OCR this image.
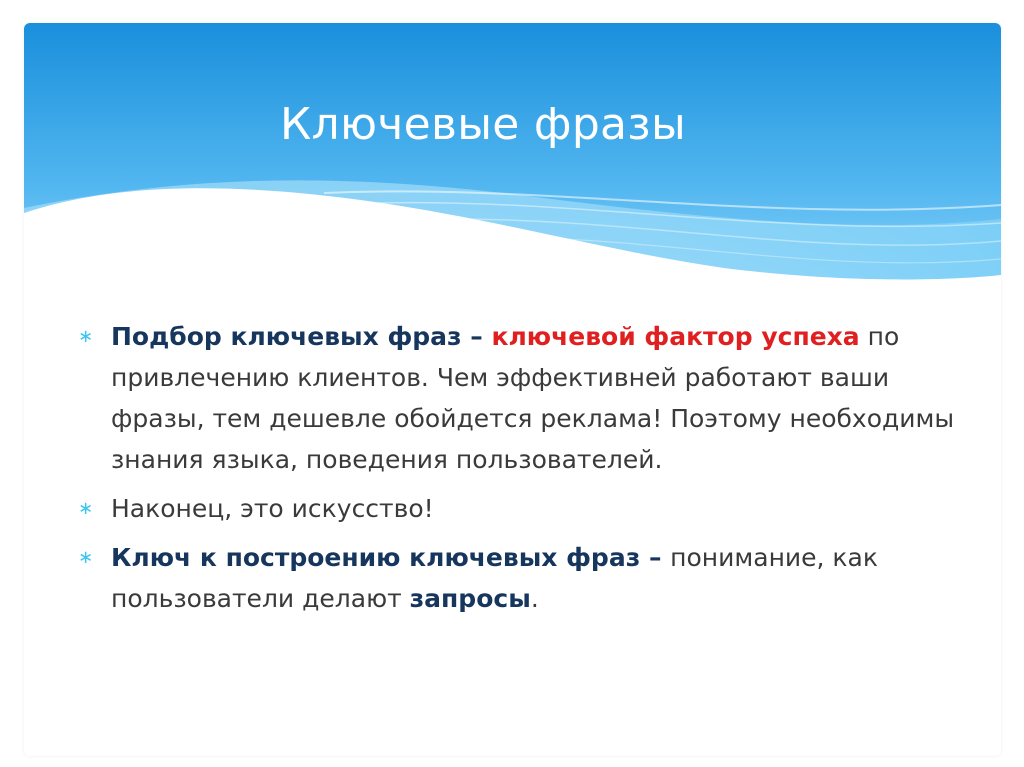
Ключевые фразы
∗ Подбор ключевых фраз – ключевой фактор успеха по привлечению клиентов. Чем эффективней работают ваши фразы, тем дешевле обойдется реклама! Поэтому необходимы знания языка, поведения пользователей.
∗ Наконец, это искусство!
∗ Ключ к построению ключевых фраз – понимание, как пользователи делают запросы.
